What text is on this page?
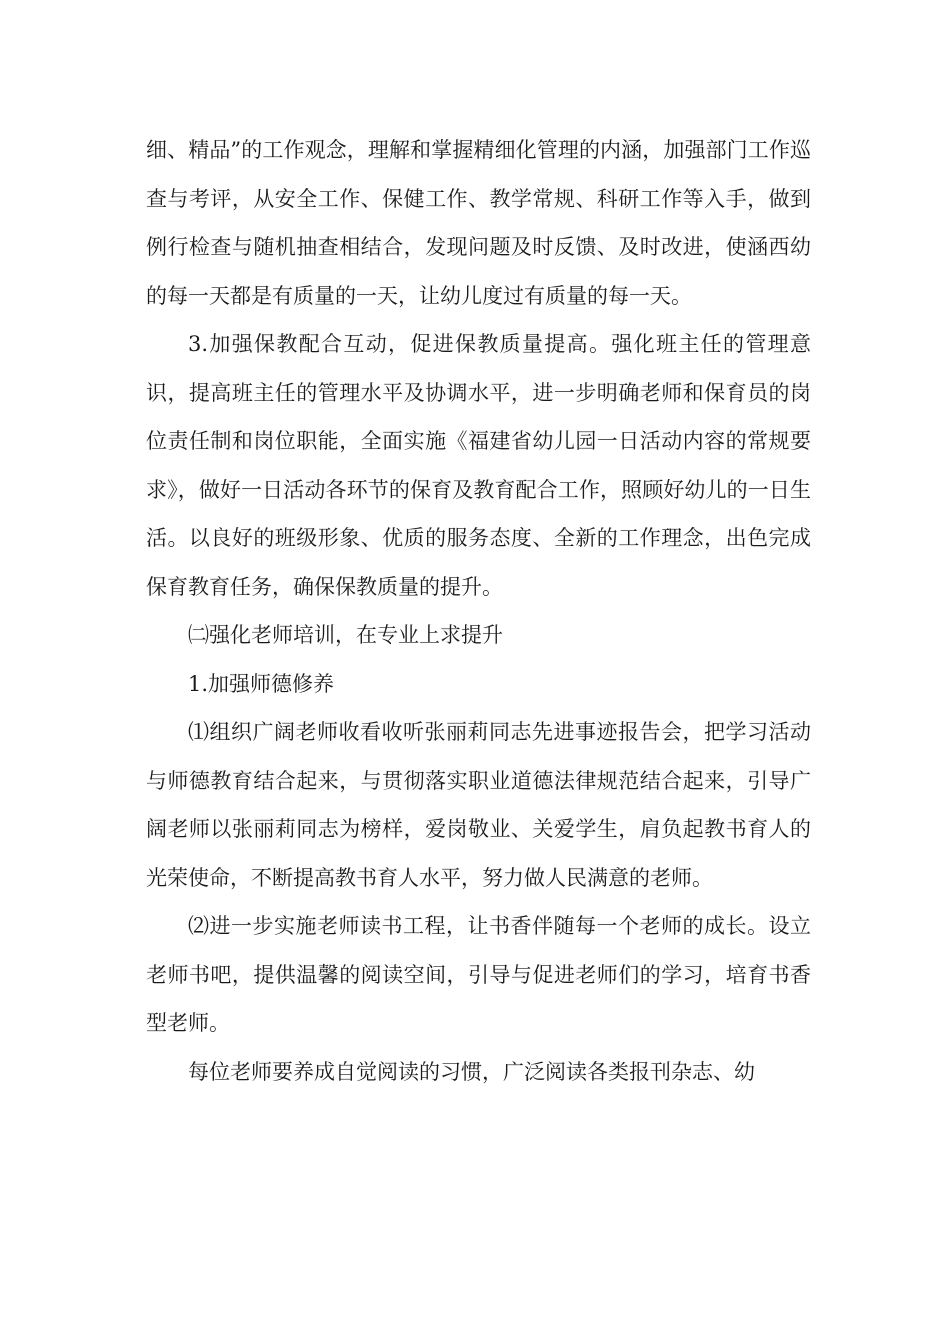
细、精品”的工作观念，理解和掌握精细化管理的内涵，加强部门工作巡查与考评，从安全工作、保健工作、教学常规、科研工作等入手，做到例行检查与随机抽查相结合，发现问题及时反馈、及时改进，使涵西幼的每一天都是有质量的一天，让幼儿度过有质量的每一天。

3.加强保教配合互动，促进保教质量提高。强化班主任的管理意识，提高班主任的管理水平及协调水平，进一步明确老师和保育员的岗位责任制和岗位职能，全面实施《福建省幼儿园一日活动内容的常规要求》，做好一日活动各环节的保育及教育配合工作，照顾好幼儿的一日生活。以良好的班级形象、优质的服务态度、全新的工作理念，出色完成保育教育任务，确保保教质量的提升。

㈡强化老师培训，在专业上求提升

1.加强师德修养

⑴组织广阔老师收看收听张丽莉同志先进事迹报告会，把学习活动与师德教育结合起来，与贯彻落实职业道德法律规范结合起来，引导广阔老师以张丽莉同志为榜样，爱岗敬业、关爱学生，肩负起教书育人的光荣使命，不断提高教书育人水平，努力做人民满意的老师。

⑵进一步实施老师读书工程，让书香伴随每一个老师的成长。设立老师书吧，提供温馨的阅读空间，引导与促进老师们的学习，培育书香型老师。

每位老师要养成自觉阅读的习惯，广泛阅读各类报刊杂志、幼
